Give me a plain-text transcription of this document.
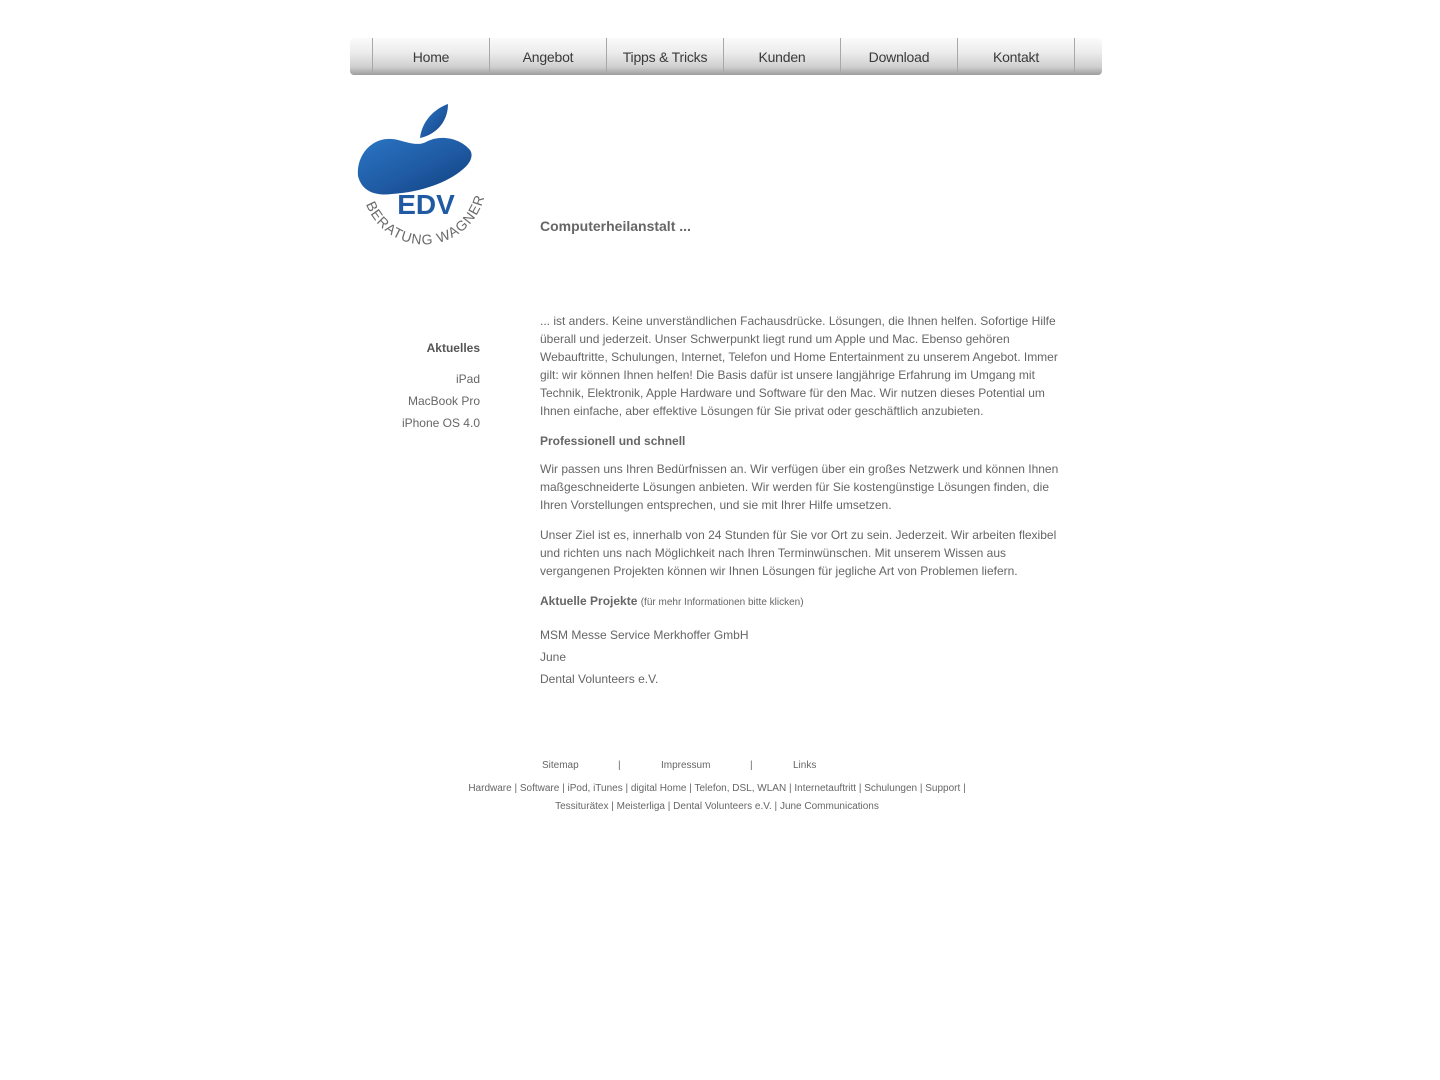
Home	Angebot	Tipps & Tricks	Kunden	Download	Kontakt
EDV
BERATUNG WAGNER
Computerheilanstalt ...
Aktuelles
iPad
MacBook Pro
iPhone OS 4.0

... ist anders. Keine unverständlichen Fachausdrücke. Lösungen, die Ihnen helfen. Sofortige Hilfe überall und jederzeit. Unser Schwerpunkt liegt rund um Apple und Mac. Ebenso gehören Webauftritte, Schulungen, Internet, Telefon und Home Entertainment zu unserem Angebot. Immer gilt: wir können Ihnen helfen! Die Basis dafür ist unsere langjährige Erfahrung im Umgang mit Technik, Elektronik, Apple Hardware und Software für den Mac. Wir nutzen dieses Potential um Ihnen einfache, aber effektive Lösungen für Sie privat oder geschäftlich anzubieten.

Professionell und schnell

Wir passen uns Ihren Bedürfnissen an. Wir verfügen über ein großes Netzwerk und können Ihnen maßgeschneiderte Lösungen anbieten. Wir werden für Sie kostengünstige Lösungen finden, die Ihren Vorstellungen entsprechen, und sie mit Ihrer Hilfe umsetzen.

Unser Ziel ist es, innerhalb von 24 Stunden für Sie vor Ort zu sein. Jederzeit. Wir arbeiten flexibel und richten uns nach Möglichkeit nach Ihren Terminwünschen. Mit unserem Wissen aus vergangenen Projekten können wir Ihnen Lösungen für jegliche Art von Problemen liefern.

Aktuelle Projekte (für mehr Informationen bitte klicken)

MSM Messe Service Merkhoffer GmbH
June
Dental Volunteers e.V.
Sitemap	|	Impressum	|	Links
Hardware | Software | iPod, iTunes | digital Home | Telefon, DSL, WLAN | Internetauftritt | Schulungen | Support |
Tessiturätex | Meisterliga | Dental Volunteers e.V. | June Communications
